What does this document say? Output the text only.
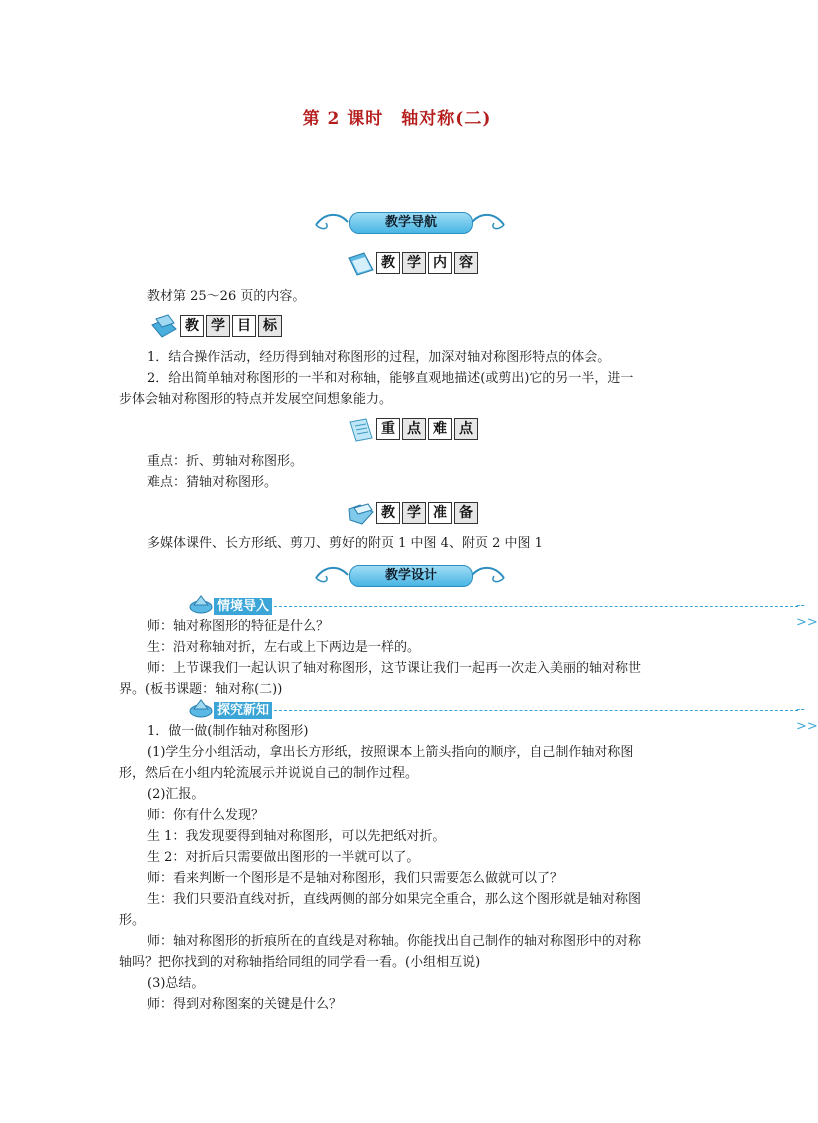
第 2 课时　轴对称(二)
教学导航
教 学 内 容
教材第 25～26 页的内容。
教 学 目 标
1．结合操作活动，经历得到轴对称图形的过程，加深对轴对称图形特点的体会。
2．给出简单轴对称图形的一半和对称轴，能够直观地描述(或剪出)它的另一半，进一
步体会轴对称图形的特点并发展空间想象能力。
重 点 难 点
重点：折、剪轴对称图形。
难点：猜轴对称图形。
教 学 准 备
多媒体课件、长方形纸、剪刀、剪好的附页 1 中图 4、附页 2 中图 1
教学设计
情境导入	-->>
师：轴对称图形的特征是什么？
生：沿对称轴对折，左右或上下两边是一样的。
师：上节课我们一起认识了轴对称图形，这节课让我们一起再一次走入美丽的轴对称世
界。(板书课题：轴对称(二))
探究新知	-->>
1．做一做(制作轴对称图形)
(1)学生分小组活动，拿出长方形纸，按照课本上箭头指向的顺序，自己制作轴对称图
形，然后在小组内轮流展示并说说自己的制作过程。
(2)汇报。
师：你有什么发现？
生 1：我发现要得到轴对称图形，可以先把纸对折。
生 2：对折后只需要做出图形的一半就可以了。
师：看来判断一个图形是不是轴对称图形，我们只需要怎么做就可以了？
生：我们只要沿直线对折，直线两侧的部分如果完全重合，那么这个图形就是轴对称图
形。
师：轴对称图形的折痕所在的直线是对称轴。你能找出自己制作的轴对称图形中的对称
轴吗？把你找到的对称轴指给同组的同学看一看。(小组相互说)
(3)总结。
师：得到对称图案的关键是什么？
